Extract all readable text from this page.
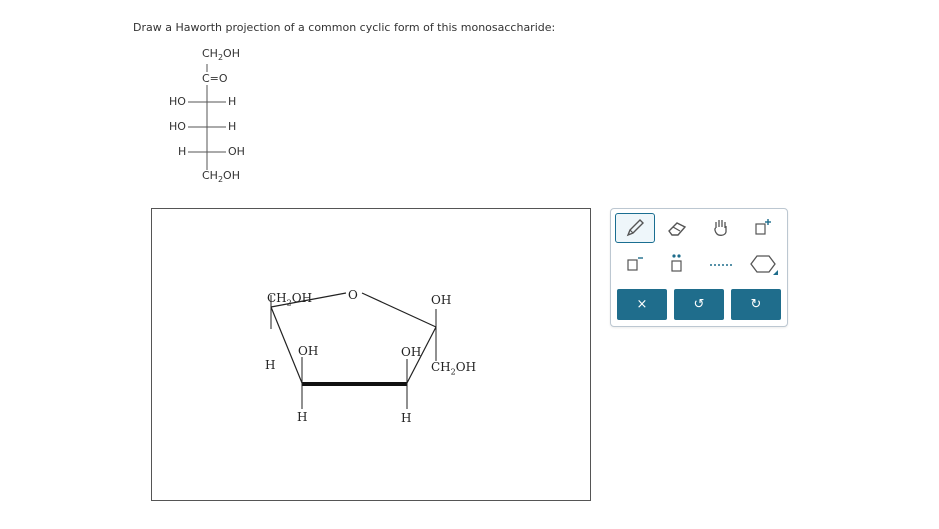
Draw a Haworth projection of a common cyclic form of this monosaccharide:
$CH_2OH$
C=O
HO	H
HO	H
H	OH
$CH_2OH$
O
$CH_2OH$
H
OH
H
OH
H
OH
$CH_2OH$
×	↺	↻
